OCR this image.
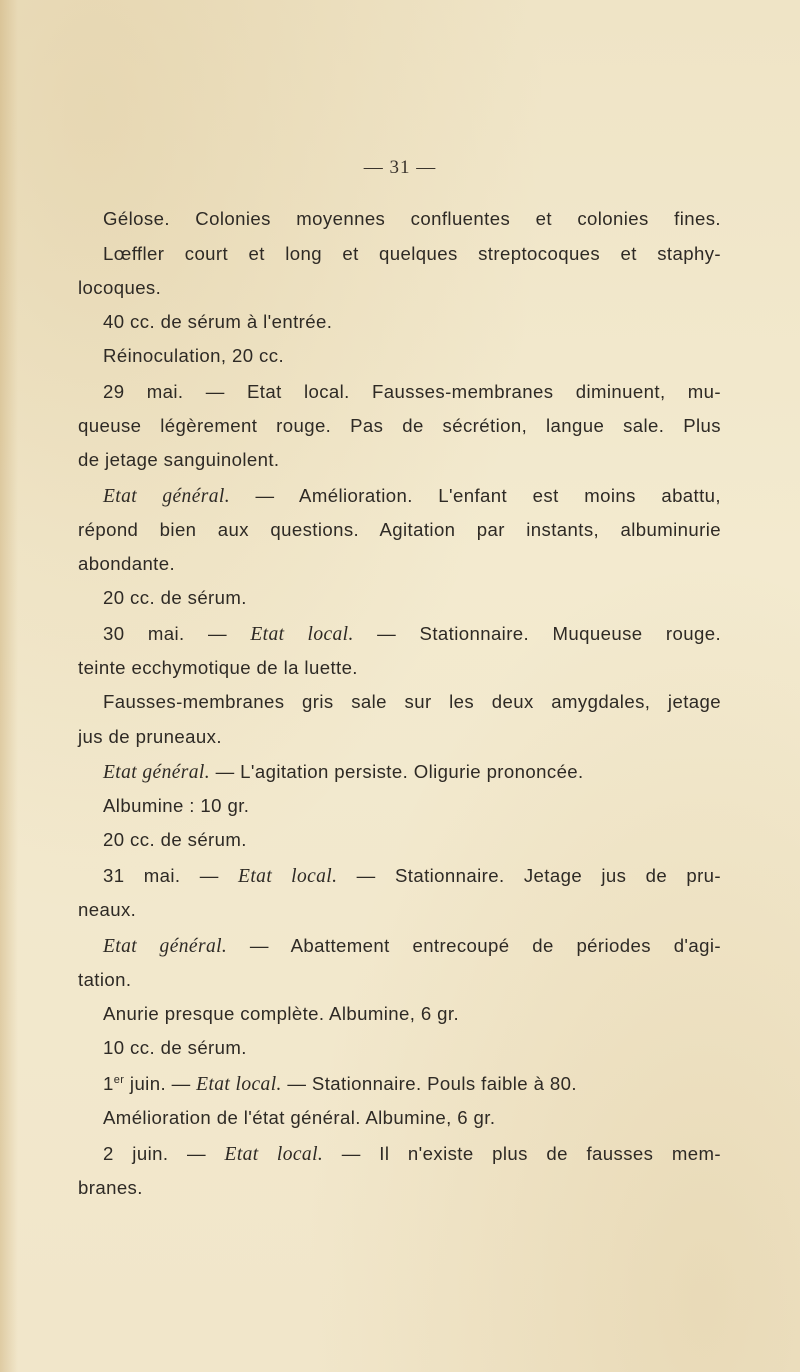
— 31 —
Gélose. Colonies moyennes confluentes et colonies fines.
Lœffler court et long et quelques streptocoques et staphy-
locoques.
40 cc. de sérum à l'entrée.
Réinoculation, 20 cc.
29 mai. — Etat local. Fausses-membranes diminuent, mu-
queuse légèrement rouge. Pas de sécrétion, langue sale. Plus
de jetage sanguinolent.
Etat général. — Amélioration. L'enfant est moins abattu,
répond bien aux questions. Agitation par instants, albuminurie
abondante.
20 cc. de sérum.
30 mai. — Etat local. — Stationnaire. Muqueuse rouge.
teinte ecchymotique de la luette.
Fausses-membranes gris sale sur les deux amygdales, jetage
jus de pruneaux.
Etat général. — L'agitation persiste. Oligurie prononcée.
Albumine : 10 gr.
20 cc. de sérum.
31 mai. — Etat local. — Stationnaire. Jetage jus de pru-
neaux.
Etat général. — Abattement entrecoupé de périodes d'agi-
tation.
Anurie presque complète. Albumine, 6 gr.
10 cc. de sérum.
1er juin. — Etat local. — Stationnaire. Pouls faible à 80.
Amélioration de l'état général. Albumine, 6 gr.
2 juin. — Etat local. — Il n'existe plus de fausses mem-
branes.
